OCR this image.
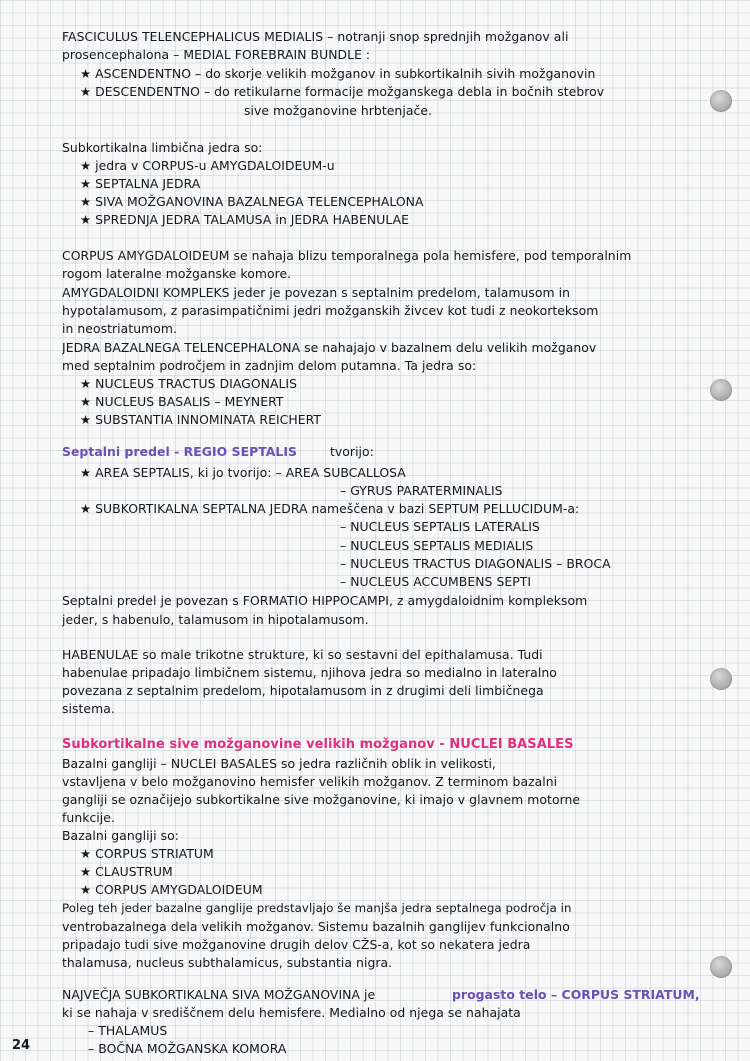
FASCICULUS TELENCEPHALICUS MEDIALIS – notranji snop sprednjih možganov ali
prosencephalona – MEDIAL FOREBRAIN BUNDLE :
★ ASCENDENTNO – do skorje velikih možganov in subkortikalnih sivih možganovin
★ DESCENDENTNO – do retikularne formacije možganskega debla in bočnih stebrov
sive možganovine hrbtenjače.
Subkortikalna limbična jedra so:
★ jedra v CORPUS-u AMYGDALOIDEUM-u
★ SEPTALNA JEDRA
★ SIVA MOŽGANOVINA BAZALNEGA TELENCEPHALONA
★ SPREDNJA JEDRA TALAMUSA in JEDRA HABENULAE
CORPUS AMYGDALOIDEUM se nahaja blizu temporalnega pola hemisfere, pod temporalnim
rogom lateralne možganske komore.
AMYGDALOIDNI KOMPLEKS jeder je povezan s septalnim predelom, talamusom in
hypotalamusom, z parasimpatičnimi jedri možganskih živcev kot tudi z neokorteksom
in neostriatumom.
JEDRA BAZALNEGA TELENCEPHALONA se nahajajo v bazalnem delu velikih možganov
med septalnim področjem in zadnjim delom putamna. Ta jedra so:
★ NUCLEUS TRACTUS DIAGONALIS
★ NUCLEUS BASALIS – MEYNERT
★ SUBSTANTIA INNOMINATA REICHERT
Septalni predel - REGIO SEPTALIS	tvorijo:
★ AREA SEPTALIS, ki jo tvorijo: – AREA SUBCALLOSA
– GYRUS PARATERMINALIS
★ SUBKORTIKALNA SEPTALNA JEDRA nameščena v bazi SEPTUM PELLUCIDUM-a:
– NUCLEUS SEPTALIS LATERALIS
– NUCLEUS SEPTALIS MEDIALIS
– NUCLEUS TRACTUS DIAGONALIS – BROCA
– NUCLEUS ACCUMBENS SEPTI
Septalni predel je povezan s FORMATIO HIPPOCAMPI, z amygdaloidnim kompleksom
jeder, s habenulo, talamusom in hipotalamusom.
HABENULAE so male trikotne strukture, ki so sestavni del epithalamusa. Tudi
habenulae pripadajo limbičnem sistemu, njihova jedra so medialno in lateralno
povezana z septalnim predelom, hipotalamusom in z drugimi deli limbičnega
sistema.
Subkortikalne sive možganovine velikih možganov - NUCLEI BASALES
Bazalni gangliji – NUCLEI BASALES so jedra različnih oblik in velikosti,
vstavljena v belo možganovino hemisfer velikih možganov. Z terminom bazalni
gangliji se označijejo subkortikalne sive možganovine, ki imajo v glavnem motorne
funkcije.
Bazalni gangliji so:
★ CORPUS STRIATUM
★ CLAUSTRUM
★ CORPUS AMYGDALOIDEUM
Poleg teh jeder bazalne ganglije predstavljajo še manjša jedra septalnega področja in
ventrobazalnega dela velikih možganov. Sistemu bazalnih ganglijev funkcionalno
pripadajo tudi sive možganovine drugih delov CŽS-a, kot so nekatera jedra
thalamusa, nucleus subthalamicus, substantia nigra.
NAJVEČJA SUBKORTIKALNA SIVA MOŽGANOVINA je	progasto telo – CORPUS STRIATUM,
ki se nahaja v središčnem delu hemisfere. Medialno od njega se nahajata
– THALAMUS
– BOČNA MOŽGANSKA KOMORA
24
